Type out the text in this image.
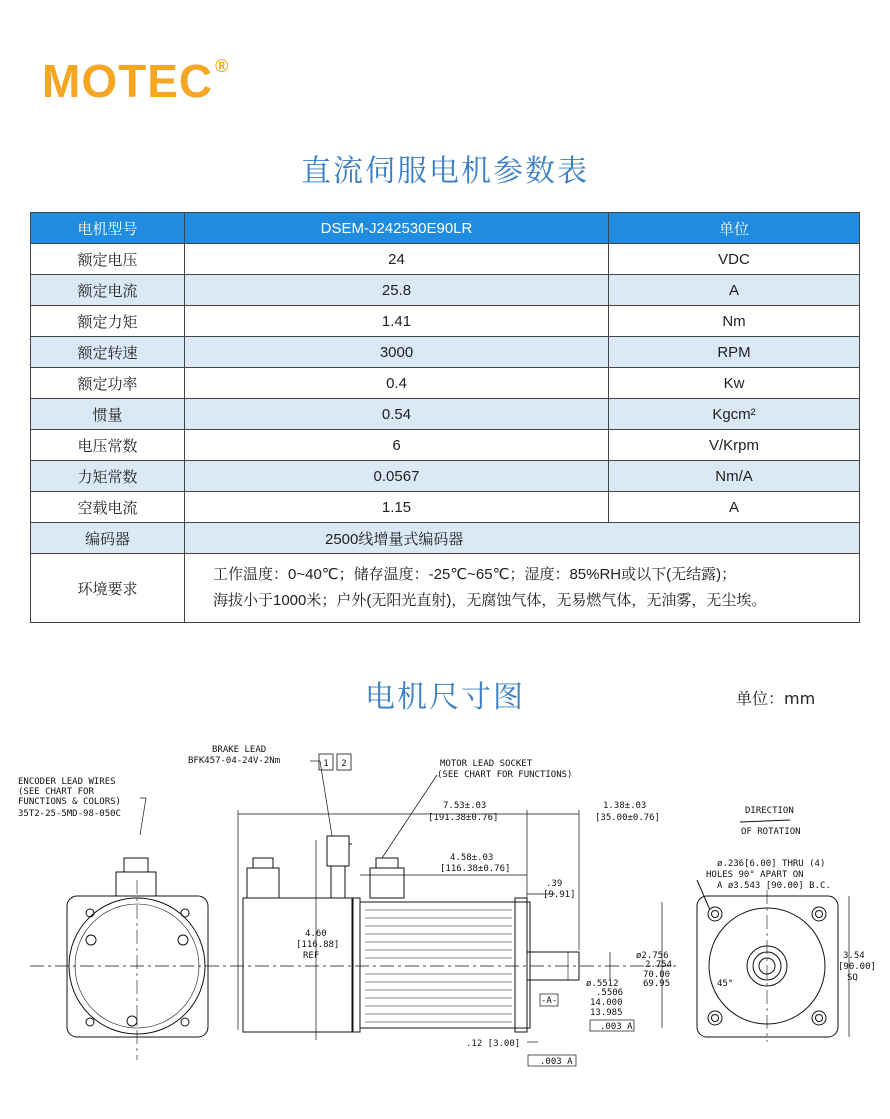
MOTEC ®
直流伺服电机参数表
电机型号	DSEM-J242530E90LR	单位
额定电压	24	VDC
额定电流	25.8	A
额定力矩	1.41	Nm
额定转速	3000	RPM
额定功率	0.4	Kw
惯量	0.54	Kgcm²
电压常数	6	V/Krpm
力矩常数	0.0567	Nm/A
空载电流	1.15	A
编码器	2500线增量式编码器	
环境要求	工作温度：0~40℃；储存温度：-25℃~65℃；湿度：85%RH或以下(无结露)；
海拔小于1000米；户外(无阳光直射)，无腐蚀气体，无易燃气体，无油雾，无尘埃。	
电机尺寸图	单位：mm
1 2
BRAKE LEAD
BFK457-04-24V-2Nm
ENCODER LEAD WIRES
(SEE CHART FOR
FUNCTIONS & COLORS)
35T2-25-5MD-98-050C
MOTOR LEAD SOCKET
(SEE CHART FOR FUNCTIONS)
7.53±.03
[191.38±0.76]
1.38±.03
[35.00±0.76]
4.58±.03
[116.38±0.76]
.39
[9.91]
4.60
[116.88]
REF	ø2.756
2.754
70.00
69.95
ø.5512
.5506
14.000
13.985
-A-
.003 A
.12 [3.00]
.003 A
DIRECTION
OF ROTATION
ø.236[6.00] THRU (4)
HOLES 90° APART ON
A ø3.543 [90.00] B.C.
45°
3.54
[90.00]
SQ
